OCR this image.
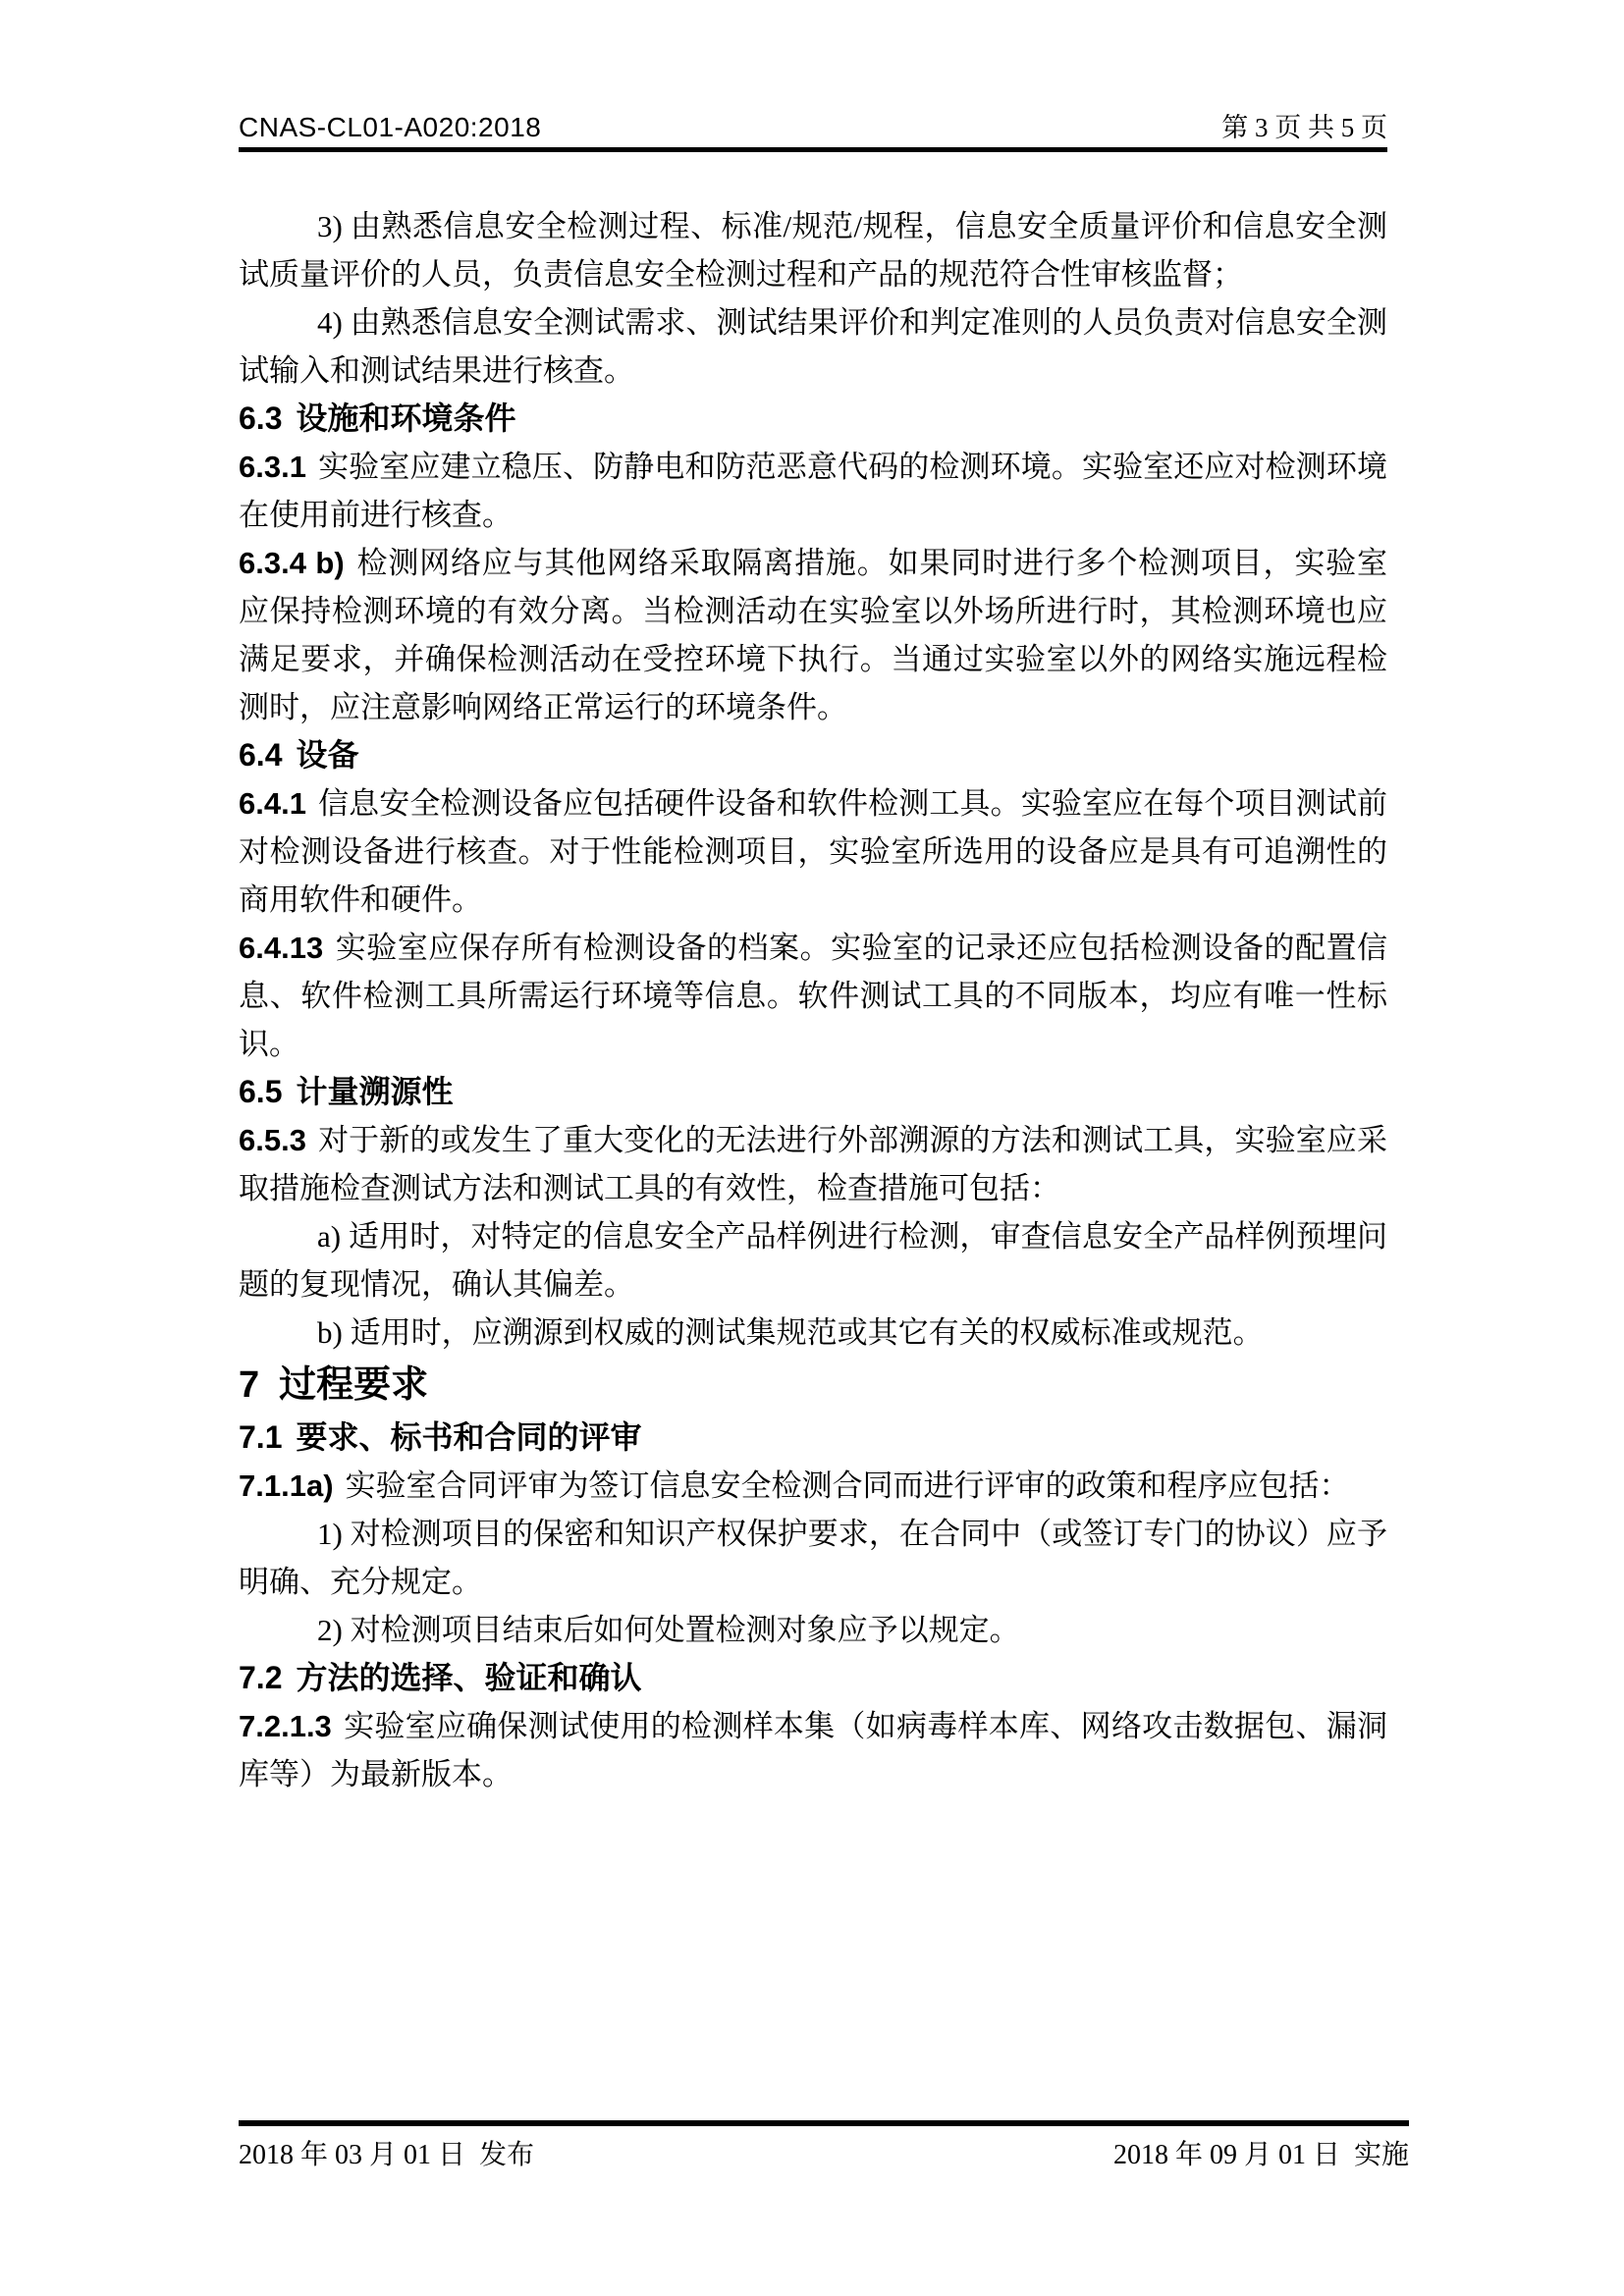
CNAS-CL01-A020:2018	第 3 页 共 5 页

3) 由熟悉信息安全检测过程、标准/规范/规程，信息安全质量评价和信息安全测试质量评价的人员，负责信息安全检测过程和产品的规范符合性审核监督；

4) 由熟悉信息安全测试需求、测试结果评价和判定准则的人员负责对信息安全测试输入和测试结果进行核查。

6.3 设施和环境条件

6.3.1 实验室应建立稳压、防静电和防范恶意代码的检测环境。实验室还应对检测环境在使用前进行核查。

6.3.4 b) 检测网络应与其他网络采取隔离措施。如果同时进行多个检测项目，实验室应保持检测环境的有效分离。当检测活动在实验室以外场所进行时，其检测环境也应满足要求，并确保检测活动在受控环境下执行。当通过实验室以外的网络实施远程检测时，应注意影响网络正常运行的环境条件。

6.4 设备

6.4.1 信息安全检测设备应包括硬件设备和软件检测工具。实验室应在每个项目测试前对检测设备进行核查。对于性能检测项目，实验室所选用的设备应是具有可追溯性的商用软件和硬件。

6.4.13 实验室应保存所有检测设备的档案。实验室的记录还应包括检测设备的配置信息、软件检测工具所需运行环境等信息。软件测试工具的不同版本，均应有唯一性标识。

6.5 计量溯源性

6.5.3 对于新的或发生了重大变化的无法进行外部溯源的方法和测试工具，实验室应采取措施检查测试方法和测试工具的有效性，检查措施可包括：

a) 适用时，对特定的信息安全产品样例进行检测，审查信息安全产品样例预埋问题的复现情况，确认其偏差。

b) 适用时，应溯源到权威的测试集规范或其它有关的权威标准或规范。

7 过程要求

7.1 要求、标书和合同的评审

7.1.1a) 实验室合同评审为签订信息安全检测合同而进行评审的政策和程序应包括：

1) 对检测项目的保密和知识产权保护要求，在合同中（或签订专门的协议）应予明确、充分规定。

2) 对检测项目结束后如何处置检测对象应予以规定。

7.2 方法的选择、验证和确认

7.2.1.3 实验室应确保测试使用的检测样本集（如病毒样本库、网络攻击数据包、漏洞库等）为最新版本。

2018 年 03 月 01 日  发布	2018 年 09 月 01 日  实施
